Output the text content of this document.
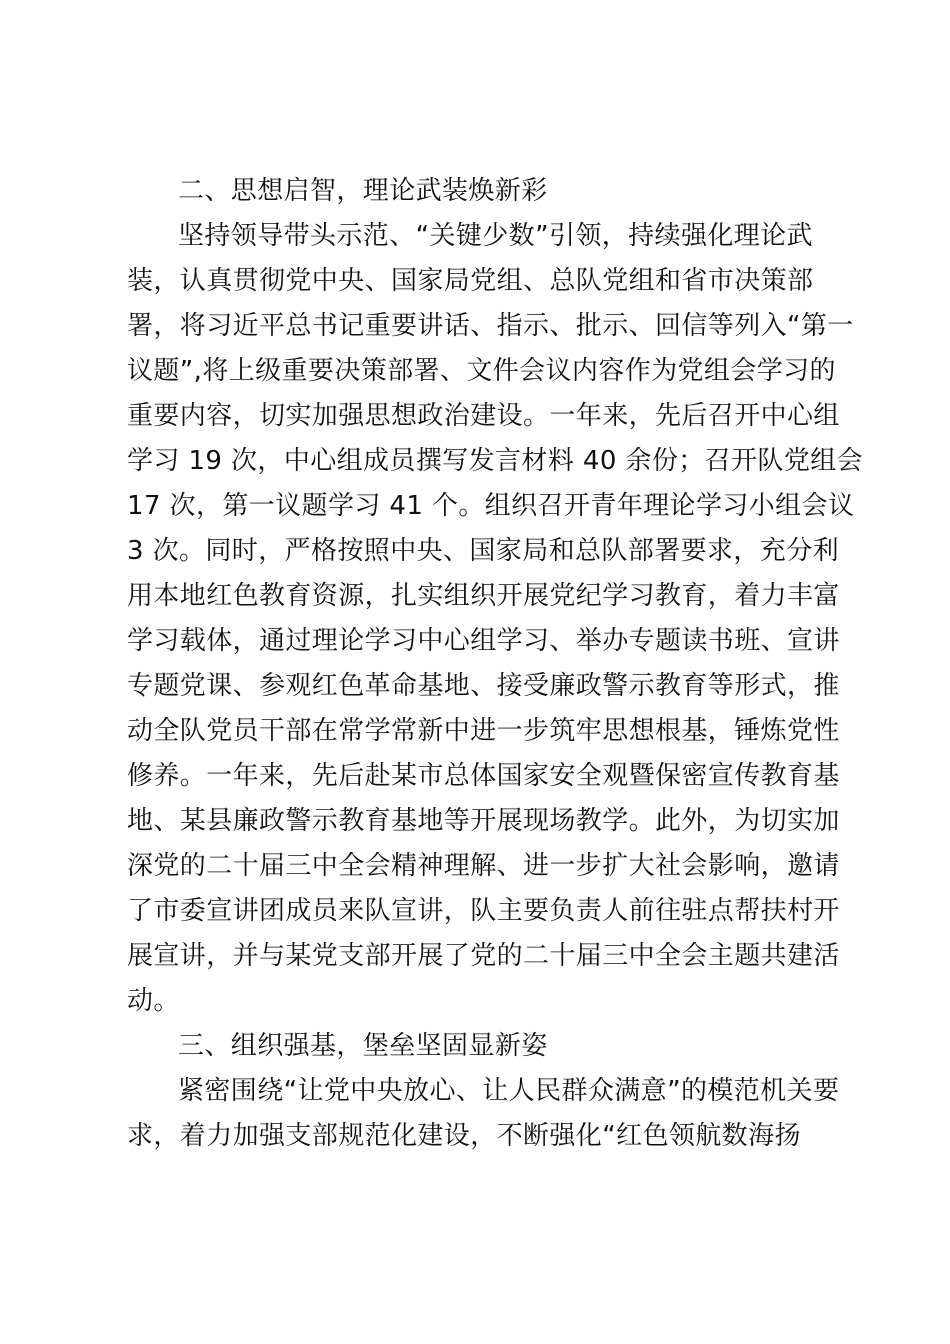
二、思想启智，理论武装焕新彩
坚持领导带头示范、“关键少数”引领，持续强化理论武
装，认真贯彻党中央、国家局党组、总队党组和省市决策部
署，将习近平总书记重要讲话、指示、批示、回信等列入“第一
议题”,将上级重要决策部署、文件会议内容作为党组会学习的
重要内容，切实加强思想政治建设。一年来，先后召开中心组
学习 19 次，中心组成员撰写发言材料 40 余份；召开队党组会
17 次，第一议题学习 41 个。组织召开青年理论学习小组会议
3 次。同时，严格按照中央、国家局和总队部署要求，充分利
用本地红色教育资源，扎实组织开展党纪学习教育，着力丰富
学习载体，通过理论学习中心组学习、举办专题读书班、宣讲
专题党课、参观红色革命基地、接受廉政警示教育等形式，推
动全队党员干部在常学常新中进一步筑牢思想根基，锤炼党性
修养。一年来，先后赴某市总体国家安全观暨保密宣传教育基
地、某县廉政警示教育基地等开展现场教学。此外，为切实加
深党的二十届三中全会精神理解、进一步扩大社会影响，邀请
了市委宣讲团成员来队宣讲，队主要负责人前往驻点帮扶村开
展宣讲，并与某党支部开展了党的二十届三中全会主题共建活
动。
三、组织强基，堡垒坚固显新姿
紧密围绕“让党中央放心、让人民群众满意”的模范机关要
求，着力加强支部规范化建设，不断强化“红色领航数海扬
